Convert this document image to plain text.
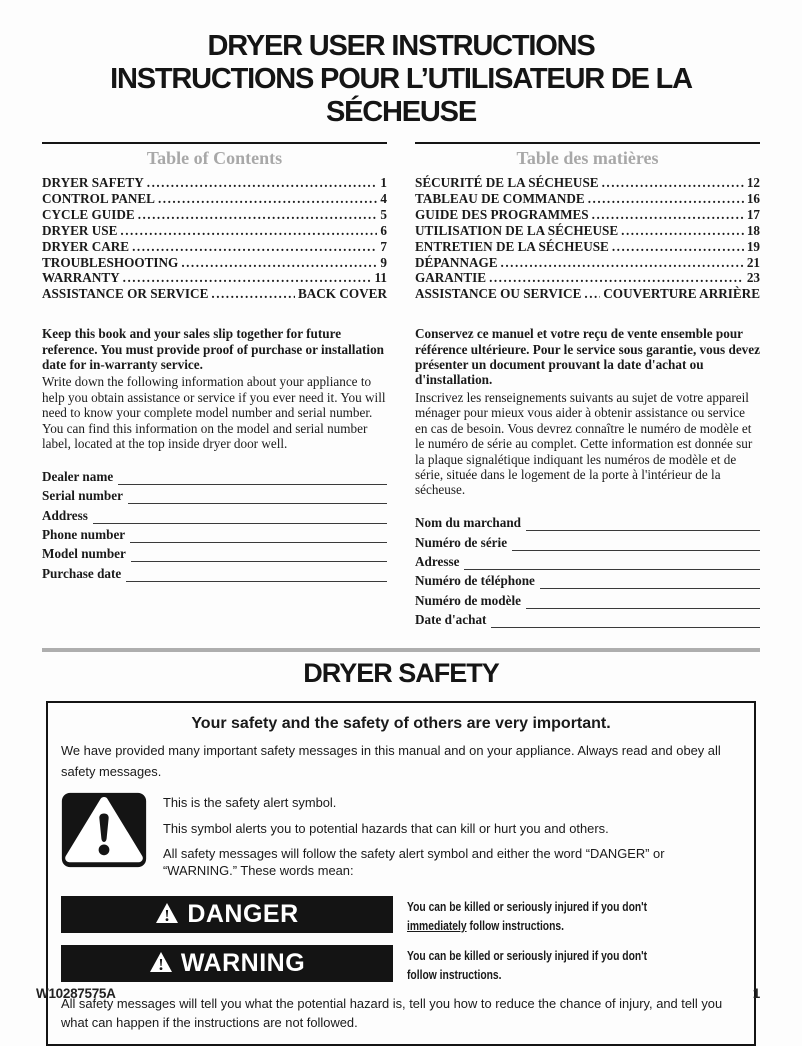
DRYER USER INSTRUCTIONS
INSTRUCTIONS POUR L’UTILISATEUR DE LA SÉCHEUSE
Table of Contents
DRYER SAFETY .....	1
CONTROL PANEL .....	4
CYCLE GUIDE .....	5
DRYER USE .....	6
DRYER CARE .....	7
TROUBLESHOOTING .....	9
WARRANTY .....	11
ASSISTANCE OR SERVICE .....	BACK COVER

Keep this book and your sales slip together for future reference. You must provide proof of purchase or installation date for in-warranty service.

Write down the following information about your appliance to help you obtain assistance or service if you ever need it. You will need to know your complete model number and serial number. You can find this information on the model and serial number label, located at the top inside dryer door well.

Dealer name
Serial number
Address
Phone number
Model number
Purchase date
Table des matières
SÉCURITÉ DE LA SÉCHEUSE .....	12
TABLEAU DE COMMANDE .....	16
GUIDE DES PROGRAMMES .....	17
UTILISATION DE LA SÉCHEUSE .....	18
ENTRETIEN DE LA SÉCHEUSE .....	19
DÉPANNAGE .....	21
GARANTIE .....	23
ASSISTANCE OU SERVICE ..... COUVERTURE ARRIÈRE

Conservez ce manuel et votre reçu de vente ensemble pour référence ultérieure. Pour le service sous garantie, vous devez présenter un document prouvant la date d'achat ou d'installation.

Inscrivez les renseignements suivants au sujet de votre appareil ménager pour mieux vous aider à obtenir assistance ou service en cas de besoin. Vous devrez connaître le numéro de modèle et le numéro de série au complet. Cette information est donnée sur la plaque signalétique indiquant les numéros de modèle et de série, située dans le logement de la porte à l'intérieur de la sécheuse.

Nom du marchand
Numéro de série
Adresse
Numéro de téléphone
Numéro de modèle
Date d'achat
DRYER SAFETY
Your safety and the safety of others are very important.

We have provided many important safety messages in this manual and on your appliance. Always read and obey all safety messages.

This is the safety alert symbol.

This symbol alerts you to potential hazards that can kill or hurt you and others.

All safety messages will follow the safety alert symbol and either the word “DANGER” or “WARNING.” These words mean:

DANGER	You can be killed or seriously injured if you don't immediately follow instructions.
WARNING	You can be killed or seriously injured if you don't follow instructions.

All safety messages will tell you what the potential hazard is, tell you how to reduce the chance of injury, and tell you what can happen if the instructions are not followed.

W10287575A	1
